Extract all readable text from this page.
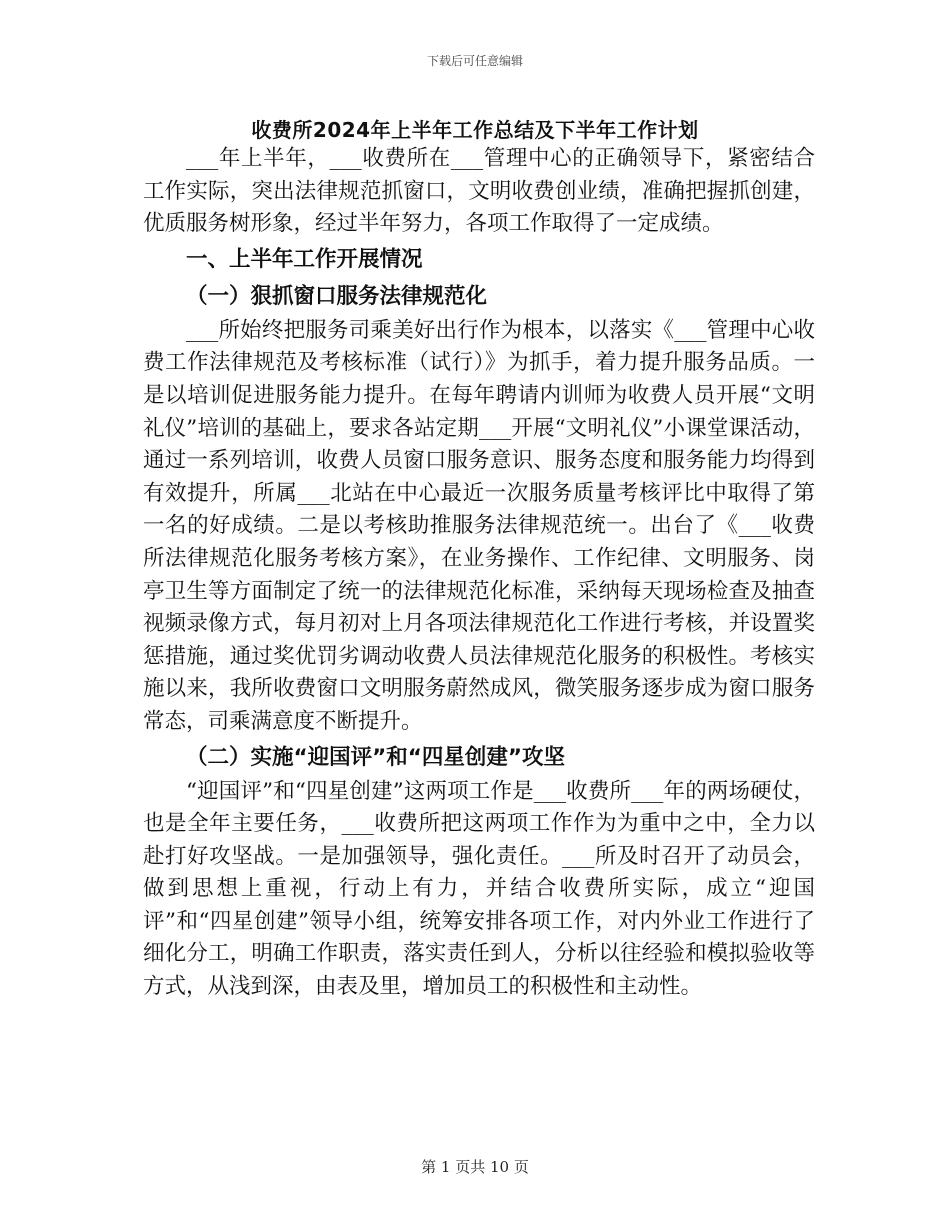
下载后可任意编辑
收费所2024年上半年工作总结及下半年工作计划

___年上半年，___收费所在___管理中心的正确领导下，紧密结合工作实际，突出法律规范抓窗口，文明收费创业绩，准确把握抓创建，优质服务树形象，经过半年努力，各项工作取得了一定成绩。

一、上半年工作开展情况
（一）狠抓窗口服务法律规范化

___所始终把服务司乘美好出行作为根本，以落实《___管理中心收费工作法律规范及考核标准（试行）》为抓手，着力提升服务品质。一是以培训促进服务能力提升。在每年聘请内训师为收费人员开展“文明礼仪”培训的基础上，要求各站定期___开展“文明礼仪”小课堂课活动，通过一系列培训，收费人员窗口服务意识、服务态度和服务能力均得到有效提升，所属___北站在中心最近一次服务质量考核评比中取得了第一名的好成绩。二是以考核助推服务法律规范统一。出台了《___收费所法律规范化服务考核方案》，在业务操作、工作纪律、文明服务、岗亭卫生等方面制定了统一的法律规范化标准，采纳每天现场检查及抽查视频录像方式，每月初对上月各项法律规范化工作进行考核，并设置奖惩措施，通过奖优罚劣调动收费人员法律规范化服务的积极性。考核实施以来，我所收费窗口文明服务蔚然成风，微笑服务逐步成为窗口服务常态，司乘满意度不断提升。

（二）实施“迎国评”和“四星创建”攻坚

“迎国评”和“四星创建”这两项工作是___收费所___年的两场硬仗，也是全年主要任务，___收费所把这两项工作作为为重中之中，全力以赴打好攻坚战。一是加强领导，强化责任。___所及时召开了动员会，做到思想上重视，行动上有力，并结合收费所实际，成立“迎国评”和“四星创建”领导小组，统筹安排各项工作，对内外业工作进行了细化分工，明确工作职责，落实责任到人，分析以往经验和模拟验收等方式，从浅到深，由表及里，增加员工的积极性和主动性。

第 1 页共 10 页
